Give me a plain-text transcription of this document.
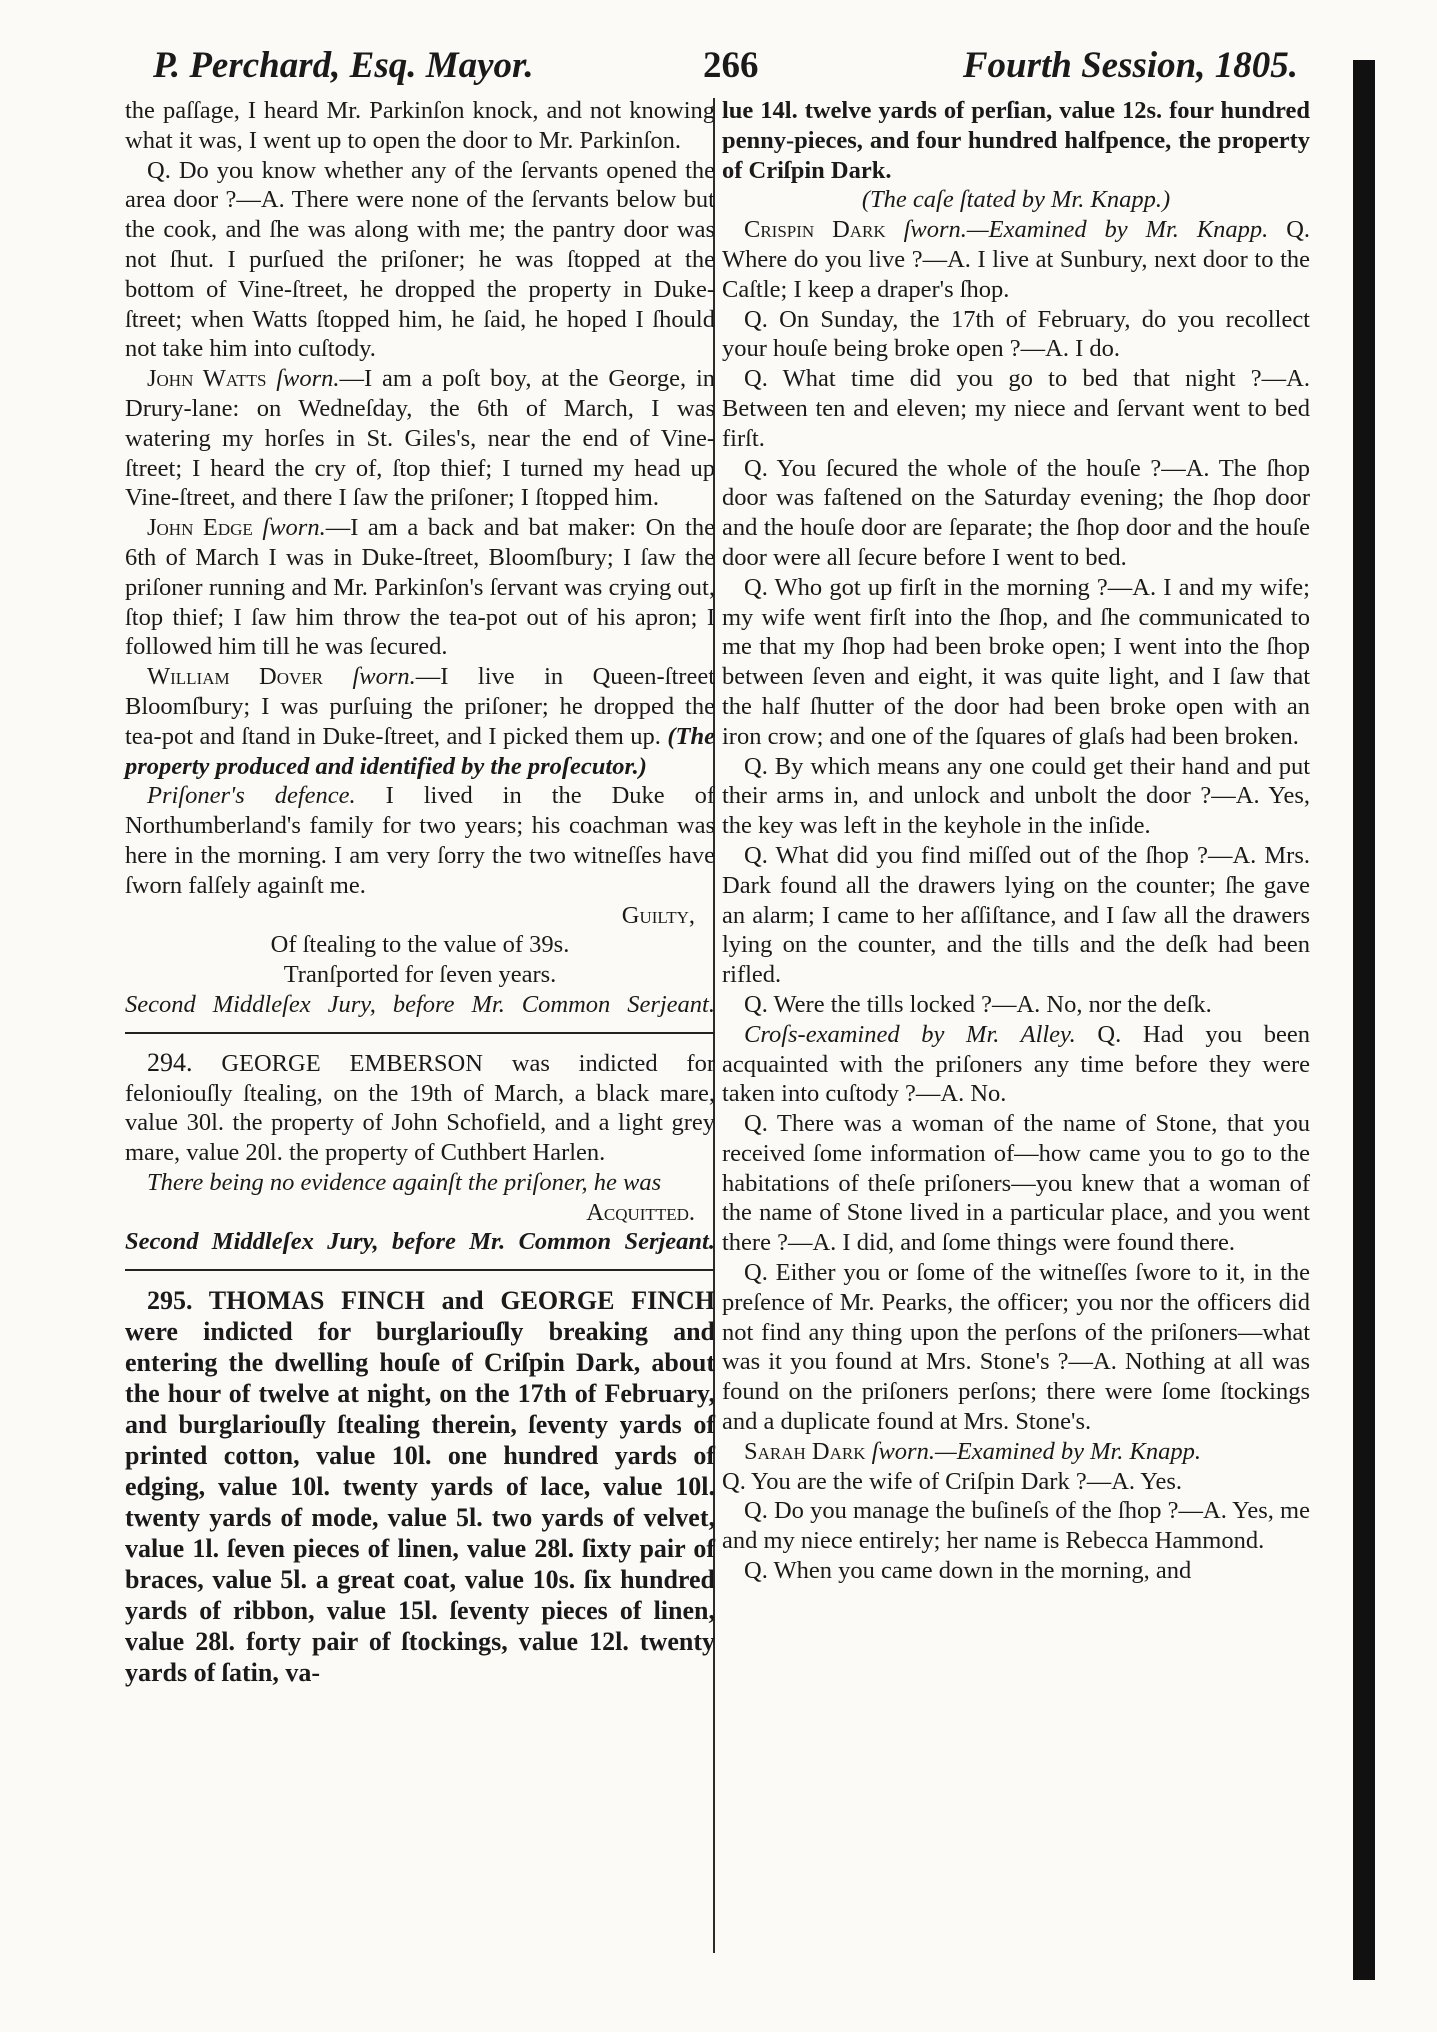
P. Perchard, Esq. Mayor.	266	Fourth Session, 1805.

the paſſage, I heard Mr. Parkinſon knock, and not knowing what it was, I went up to open the door to Mr. Parkinſon.

Q. Do you know whether any of the ſervants opened the area door ?—A. There were none of the ſervants below but the cook, and ſhe was along with me; the pantry door was not ſhut. I purſued the priſoner; he was ſtopped at the bottom of Vine-ſtreet, he dropped the property in Duke-ſtreet; when Watts ſtopped him, he ſaid, he hoped I ſhould not take him into cuſtody.

John Watts ſworn.—I am a poſt boy, at the George, in Drury-lane: on Wedneſday, the 6th of March, I was watering my horſes in St. Giles's, near the end of Vine-ſtreet; I heard the cry of, ſtop thief; I turned my head up Vine-ſtreet, and there I ſaw the priſoner; I ſtopped him.

John Edge ſworn.—I am a back and bat maker: On the 6th of March I was in Duke-ſtreet, Bloomſbury; I ſaw the priſoner running and Mr. Parkinſon's ſervant was crying out, ſtop thief; I ſaw him throw the tea-pot out of his apron; I followed him till he was ſecured.

William Dover ſworn.—I live in Queen-ſtreet Bloomſbury; I was purſuing the priſoner; he dropped the tea-pot and ſtand in Duke-ſtreet, and I picked them up. (The property produced and identified by the proſecutor.)

Priſoner's defence. I lived in the Duke of Northumberland's family for two years; his coachman was here in the morning. I am very ſorry the two witneſſes have ſworn falſely againſt me.

Guilty,

Of ſtealing to the value of 39s.

Tranſported for ſeven years.

Second Middleſex Jury, before Mr. Common Serjeant.

294. GEORGE EMBERSON was indicted for feloniouſly ſtealing, on the 19th of March, a black mare, value 30l. the property of John Schofield, and a light grey mare, value 20l. the property of Cuthbert Harlen.

There being no evidence againſt the priſoner, he was

Acquitted.

Second Middleſex Jury, before Mr. Common Serjeant.

295. THOMAS FINCH and GEORGE FINCH were indicted for burglariouſly breaking and entering the dwelling houſe of Criſpin Dark, about the hour of twelve at night, on the 17th of February, and burglariouſly ſtealing therein, ſeventy yards of printed cotton, value 10l. one hundred yards of edging, value 10l. twenty yards of lace, value 10l. twenty yards of mode, value 5l. two yards of velvet, value 1l. ſeven pieces of linen, value 28l. ſixty pair of braces, value 5l. a great coat, value 10s. ſix hundred yards of ribbon, value 15l. ſeventy pieces of linen, value 28l. forty pair of ſtockings, value 12l. twenty yards of ſatin, va-

lue 14l. twelve yards of perſian, value 12s. four hundred penny-pieces, and four hundred halfpence, the property of Criſpin Dark.

(The caſe ſtated by Mr. Knapp.)

Crispin Dark ſworn.—Examined by Mr. Knapp. Q. Where do you live ?—A. I live at Sunbury, next door to the Caſtle; I keep a draper's ſhop.

Q. On Sunday, the 17th of February, do you recollect your houſe being broke open ?—A. I do.

Q. What time did you go to bed that night ?—A. Between ten and eleven; my niece and ſervant went to bed firſt.

Q. You ſecured the whole of the houſe ?—A. The ſhop door was faſtened on the Saturday evening; the ſhop door and the houſe door are ſeparate; the ſhop door and the houſe door were all ſecure before I went to bed.

Q. Who got up firſt in the morning ?—A. I and my wife; my wife went firſt into the ſhop, and ſhe communicated to me that my ſhop had been broke open; I went into the ſhop between ſeven and eight, it was quite light, and I ſaw that the half ſhutter of the door had been broke open with an iron crow; and one of the ſquares of glaſs had been broken.

Q. By which means any one could get their hand and put their arms in, and unlock and unbolt the door ?—A. Yes, the key was left in the keyhole in the inſide.

Q. What did you find miſſed out of the ſhop ?—A. Mrs. Dark found all the drawers lying on the counter; ſhe gave an alarm; I came to her aſſiſtance, and I ſaw all the drawers lying on the counter, and the tills and the deſk had been rifled.

Q. Were the tills locked ?—A. No, nor the deſk.

Croſs-examined by Mr. Alley. Q. Had you been acquainted with the priſoners any time before they were taken into cuſtody ?—A. No.

Q. There was a woman of the name of Stone, that you received ſome information of—how came you to go to the habitations of theſe priſoners—you knew that a woman of the name of Stone lived in a particular place, and you went there ?—A. I did, and ſome things were found there.

Q. Either you or ſome of the witneſſes ſwore to it, in the preſence of Mr. Pearks, the officer; you nor the officers did not find any thing upon the perſons of the priſoners—what was it you found at Mrs. Stone's ?—A. Nothing at all was found on the priſoners perſons; there were ſome ſtockings and a duplicate found at Mrs. Stone's.

Sarah Dark ſworn.—Examined by Mr. Knapp.
Q. You are the wife of Criſpin Dark ?—A. Yes.

Q. Do you manage the buſineſs of the ſhop ?—A. Yes, me and my niece entirely; her name is Rebecca Hammond.

Q. When you came down in the morning, and
